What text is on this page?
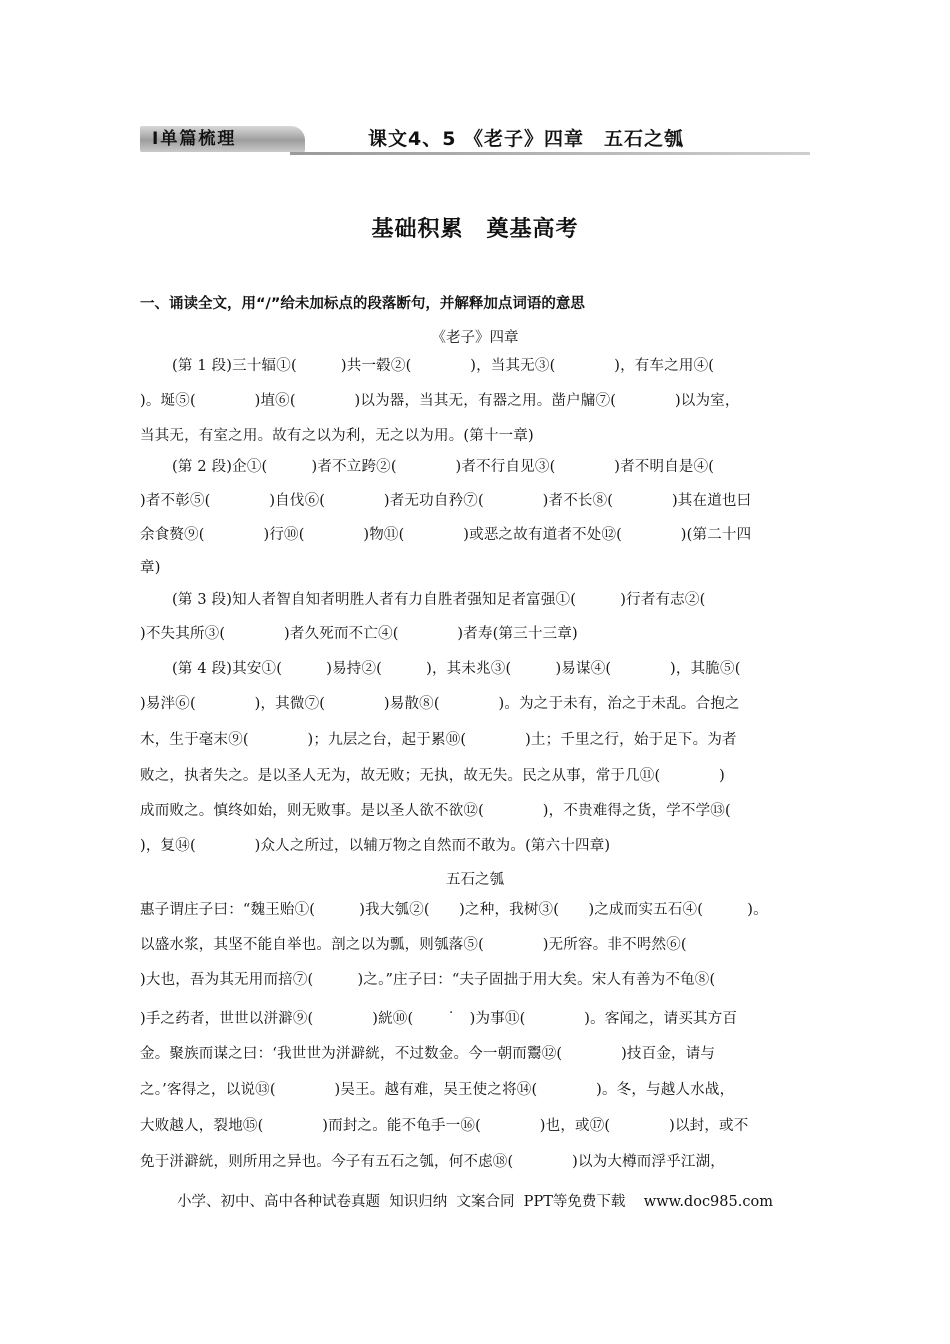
Ⅰ单篇梳理	课文4、5 《老子》四章　五石之瓠
基础积累　奠基高考
一、诵读全文，用“/”给未加标点的段落断句，并解释加点词语的意思
《老子》四章
(第 1 段)三十辐①(　　　)共一毂②(　　　　)，当其无③(　　　　)，有车之用④(
)。埏⑤(　　　　)埴⑥(　　　　)以为器，当其无，有器之用。凿户牖⑦(　　　　)以为室，
当其无，有室之用。故有之以为利，无之以为用。(第十一章)
(第 2 段)企①(　　　)者不立跨②(　　　　)者不行自见③(　　　　)者不明自是④(
)者不彰⑤(　　　　)自伐⑥(　　　　)者无功自矜⑦(　　　　)者不长⑧(　　　　)其在道也曰
余食赘⑨(　　　　)行⑩(　　　　)物⑪(　　　　)或恶之故有道者不处⑫(　　　　)(第二十四
章)
(第 3 段)知人者智自知者明胜人者有力自胜者强知足者富强①(　　　)行者有志②(
)不失其所③(　　　　)者久死而不亡④(　　　　)者寿(第三十三章)
(第 4 段)其安①(　　　)易持②(　　　)，其未兆③(　　　)易谋④(　　　　)，其脆⑤(
)易泮⑥(　　　　)，其微⑦(　　　　)易散⑧(　　　　)。为之于未有，治之于未乱。合抱之
木，生于毫末⑨(　　　　)；九层之台，起于累⑩(　　　　)土；千里之行，始于足下。为者
败之，执者失之。是以圣人无为，故无败；无执，故无失。民之从事，常于几⑪(　　　　)
成而败之。慎终如始，则无败事。是以圣人欲不欲⑫(　　　　)，不贵难得之货，学不学⑬(
)，复⑭(　　　　)众人之所过，以辅万物之自然而不敢为。(第六十四章)
五石之瓠
惠子谓庄子曰：“魏王贻①(　　　)我大瓠②(　　)之种，我树③(　　)之成而实五石④(　　　)。
以盛水浆，其坚不能自举也。剖之以为瓢，则瓠落⑤(　　　　)无所容。非不呺然⑥(
)大也，吾为其无用而掊⑦(　　　)之。”庄子曰：“夫子固拙于用大矣。宋人有善为不龟⑧(
)手之药者，世世以洴澼⑨(　　　　)絖⑩(　　 ˙　)为事⑪(　　　　)。客闻之，请买其方百
金。聚族而谋之曰：‘我世世为洴澼絖，不过数金。今一朝而鬻⑫(　　　　)技百金，请与
之。’客得之，以说⑬(　　　　)吴王。越有难，吴王使之将⑭(　　　　)。冬，与越人水战，
大败越人，裂地⑮(　　　　)而封之。能不龟手一⑯(　　　　)也，或⑰(　　　　)以封，或不
免于洴澼絖，则所用之异也。今子有五石之瓠，何不虑⑱(　　　　)以为大樽而浮乎江湖，
小学、初中、高中各种试卷真题  知识归纳  文案合同  PPT等免费下载    www.doc985.com
